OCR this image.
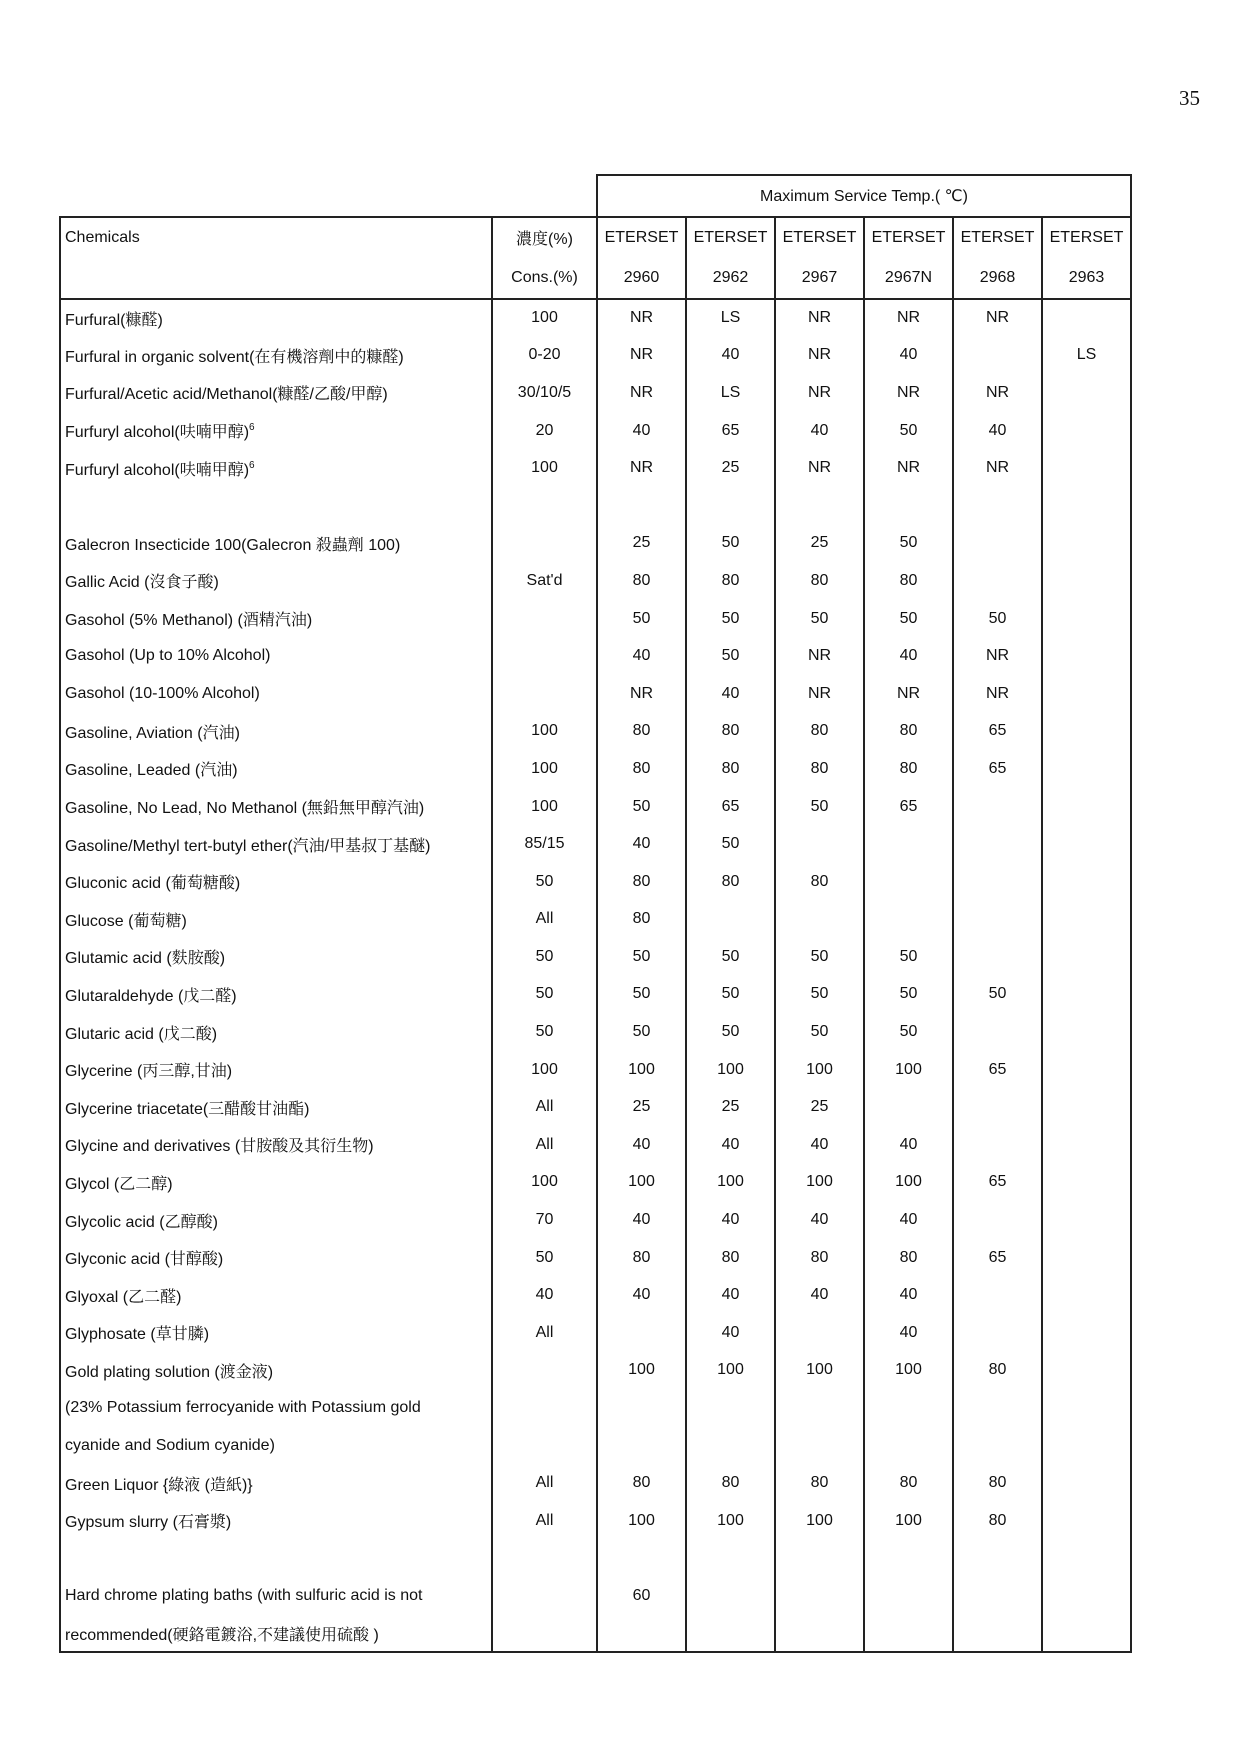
35
		Maximum Service Temp.( ℃)					
Chemicals	濃度(%)	ETERSET	ETERSET	ETERSET	ETERSET	ETERSET	ETERSET
	Cons.(%)	2960	2962	2967	2967N	2968	2963
Furfural(糠醛)	100	NR	LS	NR	NR	NR	
Furfural in organic solvent(在有機溶劑中的糠醛)	0-20	NR	40	NR	40		LS
Furfural/Acetic acid/Methanol(糠醛/乙酸/甲醇)	30/10/5	NR	LS	NR	NR	NR	
Furfuryl alcohol(呋喃甲醇)$^6$	20	40	65	40	50	40	
Furfuryl alcohol(呋喃甲醇)$^6$	100	NR	25	NR	NR	NR	

Galecron Insecticide 100(Galecron 殺蟲劑 100)		25	50	25	50		
Gallic Acid (沒食子酸)	Sat'd	80	80	80	80		
Gasohol (5% Methanol) (酒精汽油)		50	50	50	50	50	
Gasohol (Up to 10% Alcohol)		40	50	NR	40	NR	
Gasohol (10-100% Alcohol)		NR	40	NR	NR	NR	
Gasoline, Aviation (汽油)	100	80	80	80	80	65	
Gasoline, Leaded (汽油)	100	80	80	80	80	65	
Gasoline, No Lead, No Methanol (無鉛無甲醇汽油)	100	50	65	50	65		
Gasoline/Methyl tert-butyl ether(汽油/甲基叔丁基醚)	85/15	40	50				
Gluconic acid (葡萄糖酸)	50	80	80	80			
Glucose (葡萄糖)	All	80					
Glutamic acid (麩胺酸)	50	50	50	50	50		
Glutaraldehyde (戊二醛)	50	50	50	50	50	50	
Glutaric acid (戊二酸)	50	50	50	50	50		
Glycerine (丙三醇,甘油)	100	100	100	100	100	65	
Glycerine triacetate(三醋酸甘油酯)	All	25	25	25			
Glycine and derivatives (甘胺酸及其衍生物)	All	40	40	40	40		
Glycol (乙二醇)	100	100	100	100	100	65	
Glycolic acid (乙醇酸)	70	40	40	40	40		
Glyconic acid (甘醇酸)	50	80	80	80	80	65	
Glyoxal (乙二醛)	40	40	40	40	40		
Glyphosate (草甘膦)	All		40		40		
Gold plating solution (渡金液)		100	100	100	100	80	
(23% Potassium ferrocyanide with Potassium gold							
cyanide and Sodium cyanide)							
Green Liquor {綠液 (造紙)}	All	80	80	80	80	80	
Gypsum slurry (石膏漿)	All	100	100	100	100	80	

Hard chrome plating baths (with sulfuric acid is not		60					
recommended(硬鉻電鍍浴,不建議使用硫酸 )							
